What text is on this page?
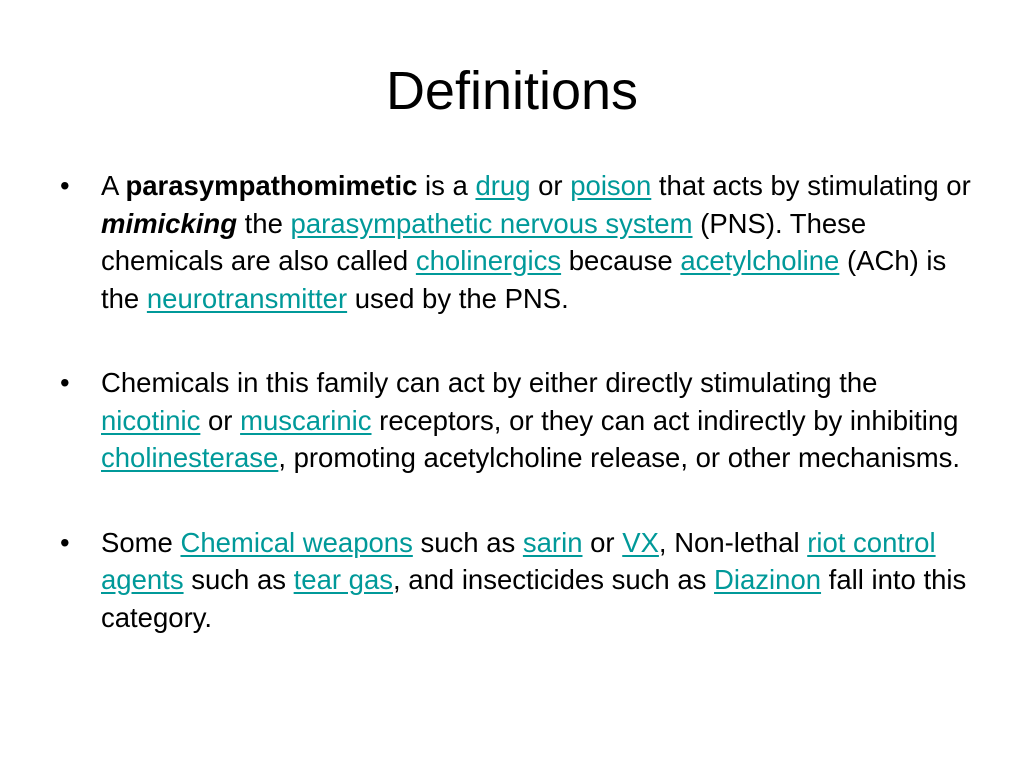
Definitions
• A parasympathomimetic is a drug or poison that acts by stimulating or mimicking the parasympathetic nervous system (PNS). These chemicals are also called cholinergics because acetylcholine (ACh) is the neurotransmitter used by the PNS.
• Chemicals in this family can act by either directly stimulating the nicotinic or muscarinic receptors, or they can act indirectly by inhibiting cholinesterase, promoting acetylcholine release, or other mechanisms.
• Some Chemical weapons such as sarin or VX, Non-lethal riot control agents such as tear gas, and insecticides such as Diazinon fall into this category.
